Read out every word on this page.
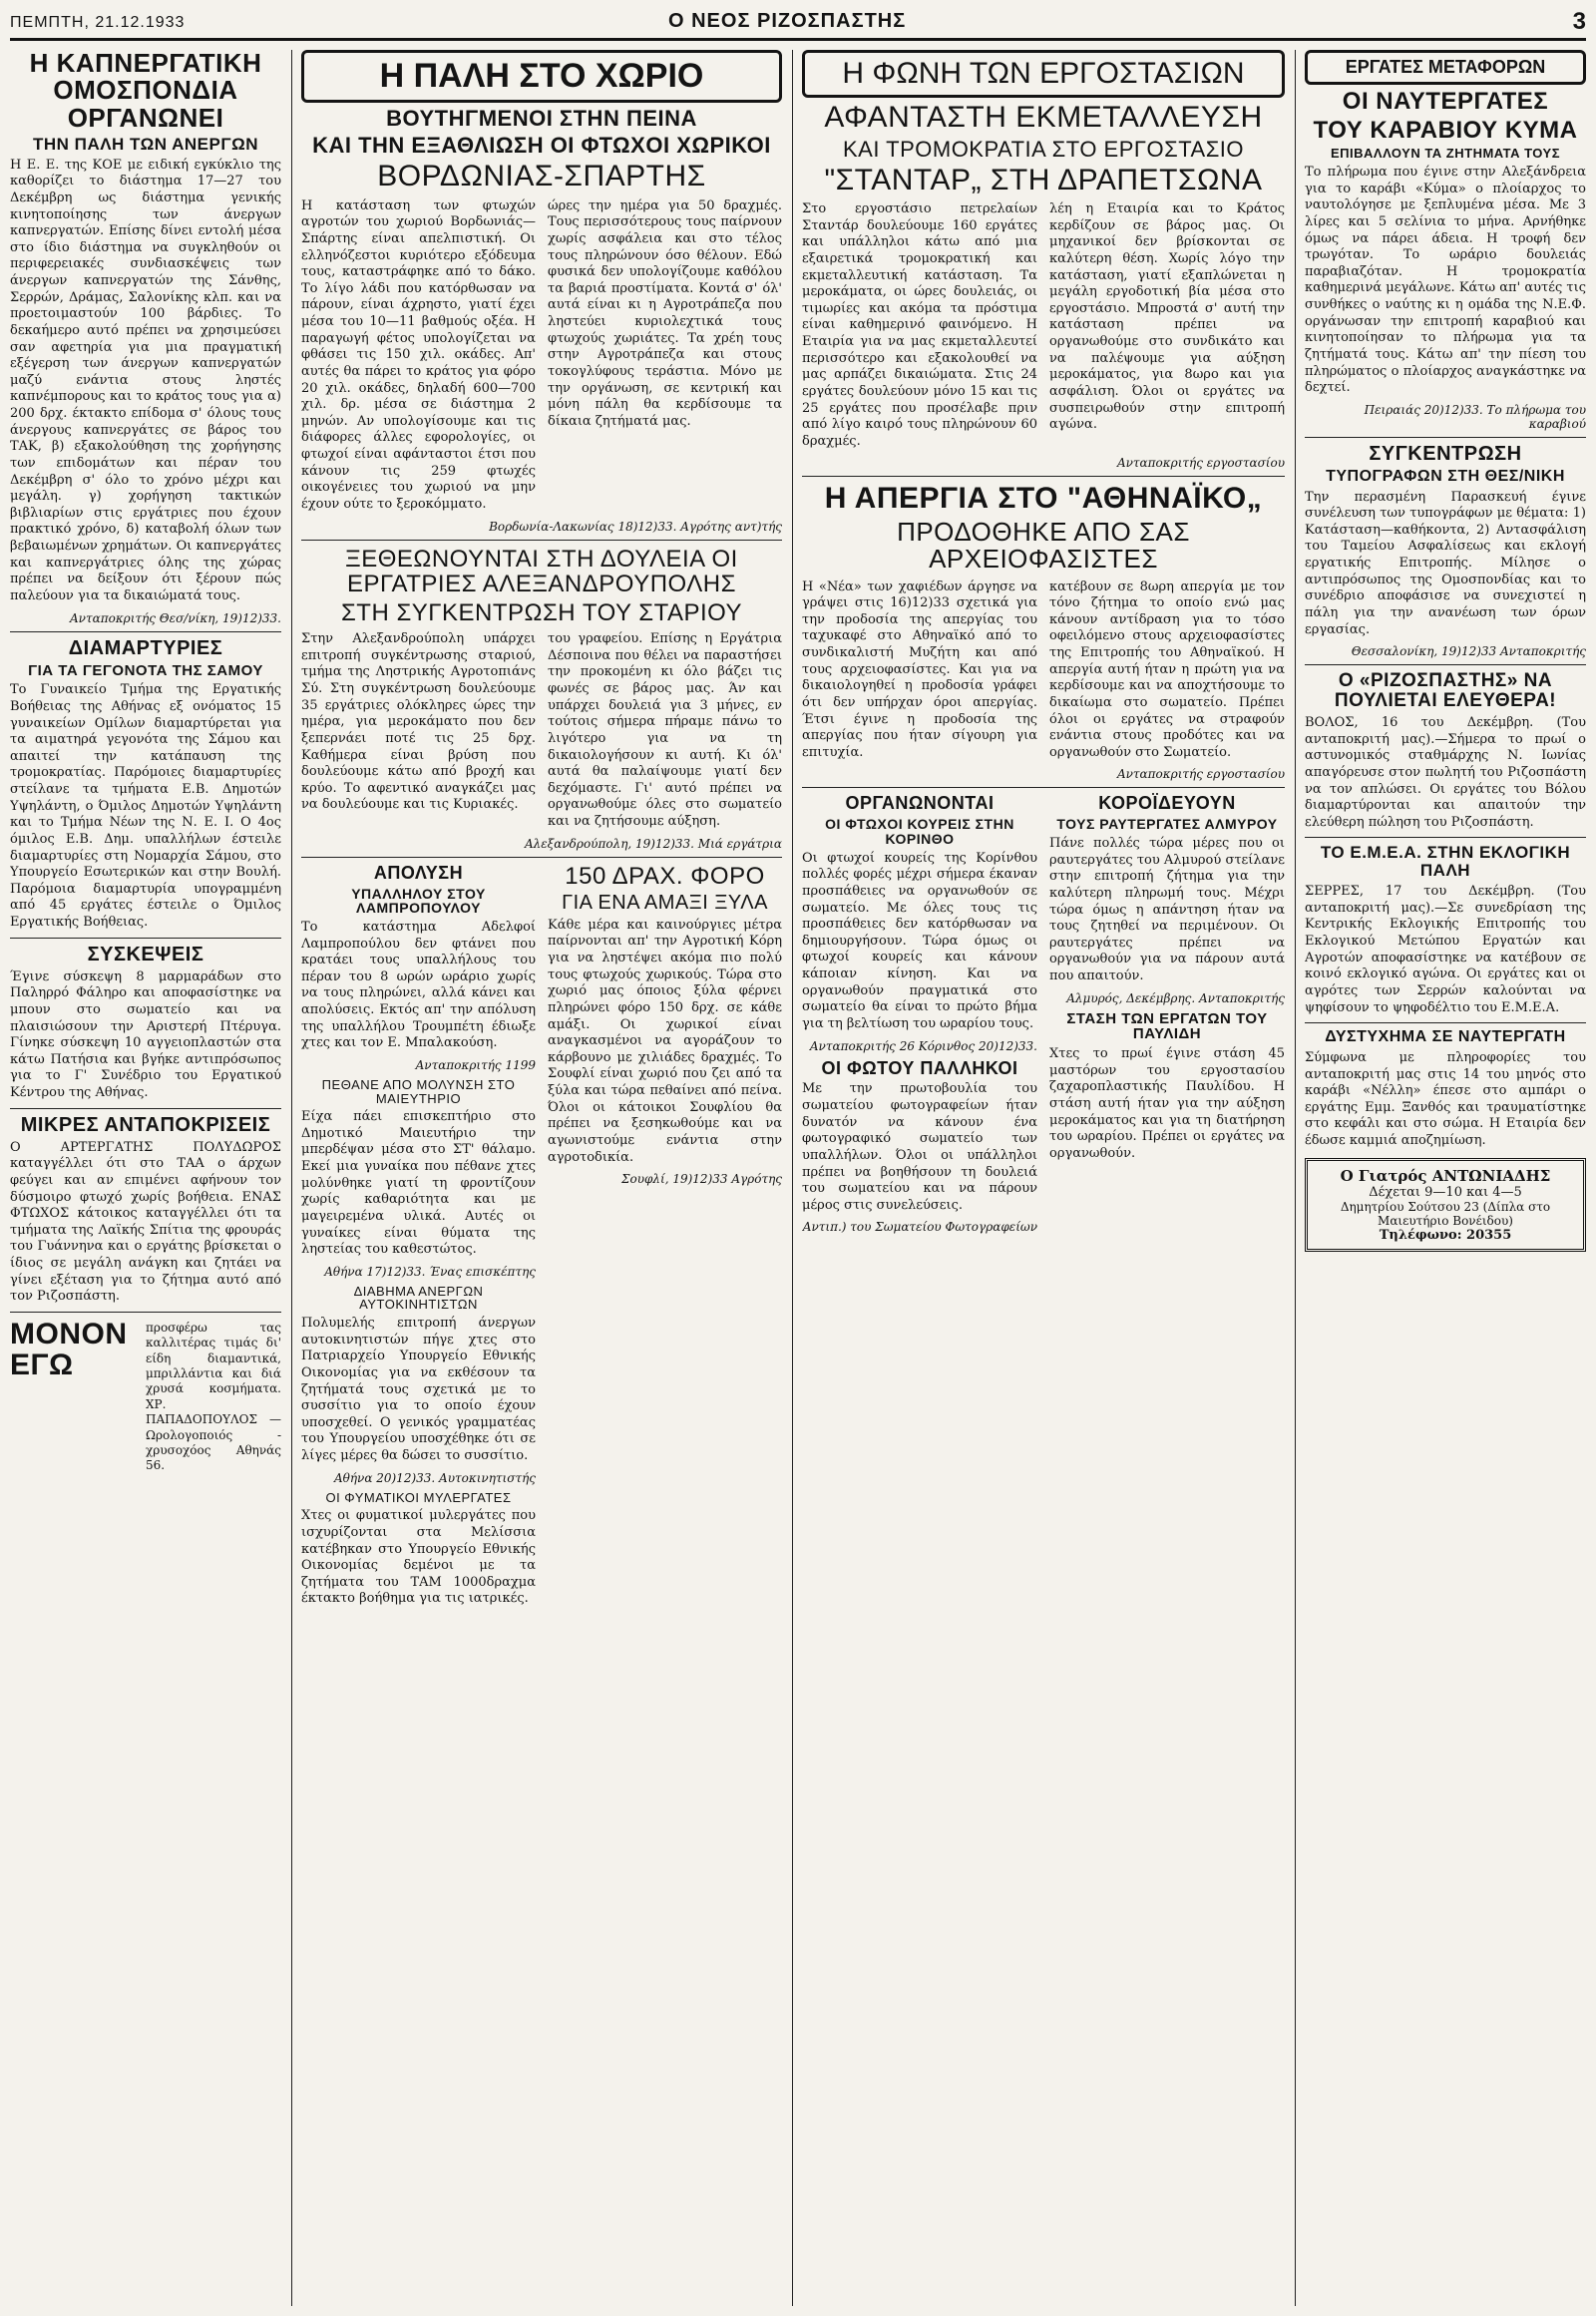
ΠΕΜΠΤΗ, 21.12.1933	Ο ΝΕΟΣ ΡΙΖΟΣΠΑΣΤΗΣ	3
Η ΚΑΠΝΕΡΓΑΤΙΚΗ ΟΜΟΣΠΟΝΔΙΑ ΟΡΓΑΝΩΝΕΙ
ΤΗΝ ΠΑΛΗ ΤΩΝ ΑΝΕΡΓΩΝ

Η Ε. Ε. της ΚΟΕ με ειδική εγκύκλιο της καθορίζει το διάστημα 17—27 του Δεκέμβρη ως διάστημα γενικής κινητοποίησης των άνεργων καπνεργατών. Επίσης δίνει εντολή μέσα στο ίδιο διάστημα να συγκληθούν οι περιφερειακές συνδιασκέψεις των άνεργων καπνεργατών της Σάνθης, Σερρών, Δράμας, Σαλονίκης κλπ. και να προετοιμαστούν 100 βάρδιες. Το δεκαήμερο αυτό πρέπει να χρησιμεύσει σαν αφετηρία για μια πραγματική εξέγερση των άνεργων καπνεργατών μαζύ ενάντια στους ληστές καπνέμπορους και το κράτος τους για α) 200 δρχ. έκτακτο επίδομα σ' όλους τους άνεργους καπνεργάτες σε βάρος του ΤΑΚ, β) εξακολούθηση της χορήγησης των επιδομάτων και πέραν του Δεκέμβρη σ' όλο το χρόνο μέχρι και μεγάλη. γ) χορήγηση τακτικών βιβλιαρίων στις εργάτριες που έχουν πρακτικό χρόνο, δ) καταβολή όλων των βεβαιωμένων χρημάτων. Οι καπνεργάτες και καπνεργάτριες όλης της χώρας πρέπει να δείξουν ότι ξέρουν πώς παλεύουν για τα δικαιώματά τους.

Ανταποκριτής Θεσ/νίκη, 19)12)33.

ΔΙΑΜΑΡΤΥΡΙΕΣ
ΓΙΑ ΤΑ ΓΕΓΟΝΟΤΑ ΤΗΣ ΣΑΜΟΥ

Το Γυναικείο Τμήμα της Εργατικής Βοήθειας της Αθήνας εξ ονόματος 15 γυναικείων Ομίλων διαμαρτύρεται για τα αιματηρά γεγονότα της Σάμου και απαιτεί την κατάπαυση της τρομοκρατίας. Παρόμοιες διαμαρτυρίες στείλανε τα τμήματα Ε.Β. Δημοτών Υψηλάντη, ο Όμιλος Δημοτών Υψηλάντη και το Τμήμα Νέων της Ν. Ε. Ι. Ο 4ος όμιλος Ε.Β. Δημ. υπαλλήλων έστειλε διαμαρτυρίες στη Νομαρχία Σάμου, στο Υπουργείο Εσωτερικών και στην Βουλή. Παρόμοια διαμαρτυρία υπογραμμένη από 45 εργάτες έστειλε ο Όμιλος Εργατικής Βοήθειας.

ΣΥΣΚΕΨΕΙΣ

Έγινε σύσκεψη 8 μαρμαράδων στο Παληρρό Φάληρο και αποφασίστηκε να μπουν στο σωματείο και να πλαισιώσουν την Αριστερή Πτέρυγα. Γίνηκε σύσκεψη 10 αγγειοπλαστών στα κάτω Πατήσια και βγήκε αντιπρόσωπος για το Γ' Συνέδριο του Εργατικού Κέντρου της Αθήνας.

ΜΙΚΡΕΣ ΑΝΤΑΠΟΚΡΙΣΕΙΣ

Ο ΑΡΤΕΡΓΑΤΗΣ ΠΟΛΥΔΩΡΟΣ καταγγέλλει ότι στο ΤΑΑ ο άρχων φεύγει και αν επιμένει αφήνουν τον δύσμοιρο φτωχό χωρίς βοήθεια. ΕΝΑΣ ΦΤΩΧΟΣ κάτοικος καταγγέλλει ότι τα τμήματα της Λαϊκής Σπίτια της φρουράς του Γυάννηνα και ο εργάτης βρίσκεται ο ίδιος σε μεγάλη ανάγκη και ζητάει να γίνει εξέταση για το ζήτημα αυτό από τον Ριζοσπάστη.

ΜΟΝΟΝ ΕΓΩ

προσφέρω τας καλλιτέρας τιμάς δι' είδη διαμαντικά, μπριλλάντια και διά χρυσά κοσμήματα. ΧΡ. ΠΑΠΑΔΟΠΟΥΛΟΣ — Ωρολογοποιός - χρυσοχόος Αθηνάς 56.

Η ΠΑΛΗ ΣΤΟ ΧΩΡΙΟ
ΒΟΥΤΗΓΜΕΝΟΙ ΣΤΗΝ ΠΕΙΝΑ
ΚΑΙ ΤΗΝ ΕΞΑΘΛΙΩΣΗ ΟΙ ΦΤΩΧΟΙ ΧΩΡΙΚΟΙ
ΒΟΡΔΩΝΙΑΣ-ΣΠΑΡΤΗΣ

Η κατάσταση των φτωχών αγροτών του χωριού Βορδωνιάς—Σπάρτης είναι απελπιστική. Οι ελληνόζεστοι κυριότερο εξόδευμα τους, καταστράφηκε από το δάκο. Το λίγο λάδι που κατόρθωσαν να πάρουν, είναι άχρηστο, γιατί έχει μέσα του 10—11 βαθμούς οξέα. Η παραγωγή φέτος υπολογίζεται να φθάσει τις 150 χιλ. οκάδες. Απ' αυτές θα πάρει το κράτος για φόρο 20 χιλ. οκάδες, δηλαδή 600—700 χιλ. δρ. μέσα σε διάστημα 2 μηνών. Αν υπολογίσουμε και τις διάφορες άλλες εφορολογίες, οι φτωχοί είναι αφάνταστοι έτσι που κάνουν τις 259 φτωχές οικογένειες του χωριού να μην έχουν ούτε το ξεροκόμματο.

ώρες την ημέρα για 50 δραχμές. Τους περισσότερους τους παίρνουν χωρίς ασφάλεια και στο τέλος τους πληρώνουν όσο θέλουν. Εδώ φυσικά δεν υπολογίζουμε καθόλου τα βαριά προστίματα. Κοντά σ' όλ' αυτά είναι κι η Αγροτράπεζα που ληστεύει κυριολεχτικά τους φτωχούς χωριάτες. Τα χρέη τους στην Αγροτράπεζα και στους τοκογλύφους τεράστια. Μόνο με την οργάνωση, σε κεντρική και μόνη πάλη θα κερδίσουμε τα δίκαια ζητήματά μας.

Βορδωνία-Λακωνίας 18)12)33. Αγρότης αντ)τής

ΞΕΘΕΩΝΟΥΝΤΑΙ ΣΤΗ ΔΟΥΛΕΙΑ ΟΙ ΕΡΓΑΤΡΙΕΣ ΑΛΕΞΑΝΔΡΟΥΠΟΛΗΣ
ΣΤΗ ΣΥΓΚΕΝΤΡΩΣΗ ΤΟΥ ΣΤΑΡΙΟΥ

Στην Αλεξανδρούπολη υπάρχει επιτροπή συγκέντρωσης σταριού, τμήμα της Ληστρικής Αγροτοπιάνς Σύ. Στη συγκέντρωση δουλεύουμε 35 εργάτριες ολόκληρες ώρες την ημέρα, για μεροκάματο που δεν ξεπερνάει ποτέ τις 25 δρχ. Καθήμερα είναι βρύση που δουλεύουμε κάτω από βροχή και κρύο. Το αφεντικό αναγκάζει μας να δουλεύουμε και τις Κυριακές.

του γραφείου. Επίσης η Εργάτρια Δέσποινα που θέλει να παραστήσει την προκομένη κι όλο βάζει τις φωνές σε βάρος μας. Άν και υπάρχει δουλειά για 3 μήνες, εν τούτοις σήμερα πήραμε πάνω το λιγότερο για να τη δικαιολογήσουν κι αυτή. Κι όλ' αυτά θα παλαίψουμε γιατί δεν δεχόμαστε. Γι' αυτό πρέπει να οργανωθούμε όλες στο σωματείο και να ζητήσουμε αύξηση.

Αλεξανδρούπολη, 19)12)33. Μιά εργάτρια

ΑΠΟΛΥΣΗ
ΥΠΑΛΛΗΛΟΥ ΣΤΟΥ ΛΑΜΠΡΟΠΟΥΛΟΥ

Το κατάστημα Αδελφοί Λαμπροπούλου δεν φτάνει που κρατάει τους υπαλλήλους του πέραν του 8 ωρών ωράριο χωρίς να τους πληρώνει, αλλά κάνει και απολύσεις. Εκτός απ' την απόλυση της υπαλλήλου Τρουμπέτη έδιωξε χτες και τον Ε. Μπαλακούση.

Ανταποκριτής 1199

ΠΕΘΑΝΕ ΑΠΟ ΜΟΛΥΝΣΗ ΣΤΟ ΜΑΙΕΥΤΗΡΙΟ

Είχα πάει επισκεπτήριο στο Δημοτικό Μαιευτήριο την μπερδέψαν μέσα στο ΣΤ' θάλαμο. Εκεί μια γυναίκα που πέθανε χτες μολύνθηκε γιατί τη φροντίζουν χωρίς καθαριότητα και με μαγειρεμένα υλικά. Αυτές οι γυναίκες είναι θύματα της ληστείας του καθεστώτος.

Αθήνα 17)12)33. Ένας επισκέπτης

ΔΙΑΒΗΜΑ ΑΝΕΡΓΩΝ ΑΥΤΟΚΙΝΗΤΙΣΤΩΝ

Πολυμελής επιτροπή άνεργων αυτοκινητιστών πήγε χτες στο Πατριαρχείο Υπουργείο Εθνικής Οικονομίας για να εκθέσουν τα ζητήματά τους σχετικά με το συσσίτιο για το οποίο έχουν υποσχεθεί. Ο γενικός γραμματέας του Υπουργείου υποσχέθηκε ότι σε λίγες μέρες θα δώσει το συσσίτιο.

Αθήνα 20)12)33. Αυτοκινητιστής

ΟΙ ΦΥΜΑΤΙΚΟΙ ΜΥΛΕΡΓΑΤΕΣ

Χτες οι φυματικοί μυλεργάτες που ισχυρίζονται στα Μελίσσια κατέβηκαν στο Υπουργείο Εθνικής Οικονομίας δεμένοι με τα ζητήματα του ΤΑΜ 1000δραχμα έκτακτο βοήθημα για τις ιατρικές.

150 ΔΡΑΧ. ΦΟΡΟ
ΓΙΑ ΕΝΑ ΑΜΑΞΙ ΞΥΛΑ

Κάθε μέρα και καινούργιες μέτρα παίρνονται απ' την Αγροτική Κόρη για να ληστέψει ακόμα πιο πολύ τους φτωχούς χωρικούς. Τώρα στο χωριό μας όποιος ξύλα φέρνει πληρώνει φόρο 150 δρχ. σε κάθε αμάξι. Οι χωρικοί είναι αναγκασμένοι να αγοράζουν το κάρβουνο με χιλιάδες δραχμές. Το Σουφλί είναι χωριό που ζει από τα ξύλα και τώρα πεθαίνει από πείνα. Όλοι οι κάτοικοι Σουφλίου θα πρέπει να ξεσηκωθούμε και να αγωνιστούμε ενάντια στην αγροτοδικία.

Σουφλί, 19)12)33 Αγρότης

Η ΦΩΝΗ ΤΩΝ ΕΡΓΟΣΤΑΣΙΩΝ
ΑΦΑΝΤΑΣΤΗ ΕΚΜΕΤΑΛΛΕΥΣΗ
ΚΑΙ ΤΡΟΜΟΚΡΑΤΙΑ ΣΤΟ ΕΡΓΟΣΤΑΣΙΟ
"ΣΤΑΝΤΑΡ„ ΣΤΗ ΔΡΑΠΕΤΣΩΝΑ

Στο εργοστάσιο πετρελαίων Σταντάρ δουλεύουμε 160 εργάτες και υπάλληλοι κάτω από μια εξαιρετικά τρομοκρατική και εκμεταλλευτική κατάσταση. Τα μεροκάματα, οι ώρες δουλειάς, οι τιμωρίες και ακόμα τα πρόστιμα είναι καθημερινό φαινόμενο. Η Εταιρία για να μας εκμεταλλευτεί περισσότερο και εξακολουθεί να μας αρπάζει δικαιώματα. Στις 24 εργάτες δουλεύουν μόνο 15 και τις 25 εργάτες που προσέλαβε πριν από λίγο καιρό τους πληρώνουν 60 δραχμές.

λέη η Εταιρία και το Κράτος κερδίζουν σε βάρος μας. Οι μηχανικοί δεν βρίσκονται σε καλύτερη θέση. Χωρίς λόγο την κατάσταση, γιατί εξαπλώνεται η μεγάλη εργοδοτική βία μέσα στο εργοστάσιο. Μπροστά σ' αυτή την κατάσταση πρέπει να οργανωθούμε στο συνδικάτο και να παλέψουμε για αύξηση μεροκάματος, για 8ωρο και για ασφάλιση. Όλοι οι εργάτες να συσπειρωθούν στην επιτροπή αγώνα.

Ανταποκριτής εργοστασίου

Η ΑΠΕΡΓΙΑ ΣΤΟ "ΑΘΗΝΑΪΚΟ„
ΠΡΟΔΟΘΗΚΕ ΑΠΟ ΣΑΣ ΑΡΧΕΙΟΦΑΣΙΣΤΕΣ

Η «Νέα» των χαφιέδων άργησε να γράψει στις 16)12)33 σχετικά για την προδοσία της απεργίας του ταχυκαφέ στο Αθηναϊκό από το συνδικαλιστή Μυζήτη και από τους αρχειοφασίστες. Και για να δικαιολογηθεί η προδοσία γράφει ότι δεν υπήρχαν όροι απεργίας. Έτσι έγινε η προδοσία της απεργίας που ήταν σίγουρη για επιτυχία.

κατέβουν σε 8ωρη απεργία με τον τόνο ζήτημα το οποίο ενώ μας κάνουν αντίδραση για το τόσο οφειλόμενο στους αρχειοφασίστες της Επιτροπής του Αθηναϊκού. Η απεργία αυτή ήταν η πρώτη για να κερδίσουμε και να αποχτήσουμε το δικαίωμα στο σωματείο. Πρέπει όλοι οι εργάτες να στραφούν ενάντια στους προδότες και να οργανωθούν στο Σωματείο.

Ανταποκριτής εργοστασίου

ΟΡΓΑΝΩΝΟΝΤΑΙ
ΟΙ ΦΤΩΧΟΙ ΚΟΥΡΕΙΣ ΣΤΗΝ ΚΟΡΙΝΘΟ

Οι φτωχοί κουρείς της Κορίνθου πολλές φορές μέχρι σήμερα έκαναν προσπάθειες να οργανωθούν σε σωματείο. Με όλες τους τις προσπάθειες δεν κατόρθωσαν να δημιουργήσουν. Τώρα όμως οι φτωχοί κουρείς και κάνουν κάποιαν κίνηση. Και να οργανωθούν πραγματικά στο σωματείο θα είναι το πρώτο βήμα για τη βελτίωση του ωραρίου τους.

Ανταποκριτής 26 Κόρινθος 20)12)33.

ΟΙ ΦΩΤΟΥ ΠΑΛΛΗΚΟΙ

Με την πρωτοβουλία του σωματείου φωτογραφείων ήταν δυνατόν να κάνουν ένα φωτογραφικό σωματείο των υπαλλήλων. Όλοι οι υπάλληλοι πρέπει να βοηθήσουν τη δουλειά του σωματείου και να πάρουν μέρος στις συνελεύσεις.

Αντιπ.) του Σωματείου Φωτογραφείων

ΚΟΡΟΪΔΕΥΟΥΝ
ΤΟΥΣ ΡΑΥΤΕΡΓΑΤΕΣ ΑΛΜΥΡΟΥ

Πάνε πολλές τώρα μέρες που οι ραυτεργάτες του Αλμυρού στείλανε στην επιτροπή ζήτημα για την καλύτερη πληρωμή τους. Μέχρι τώρα όμως η απάντηση ήταν να τους ζητηθεί να περιμένουν. Οι ραυτεργάτες πρέπει να οργανωθούν για να πάρουν αυτά που απαιτούν.

Αλμυρός, Δεκέμβρης. Ανταποκριτής

ΣΤΑΣΗ ΤΩΝ ΕΡΓΑΤΩΝ ΤΟΥ ΠΑΥΛΙΔΗ

Χτες το πρωί έγινε στάση 45 μαστόρων του εργοστασίου ζαχαροπλαστικής Παυλίδου. Η στάση αυτή ήταν για την αύξηση μεροκάματος και για τη διατήρηση του ωραρίου. Πρέπει οι εργάτες να οργανωθούν.

ΕΡΓΑΤΕΣ ΜΕΤΑΦΟΡΩΝ
ΟΙ ΝΑΥΤΕΡΓΑΤΕΣ
ΤΟΥ ΚΑΡΑΒΙΟΥ ΚΥΜΑ
ΕΠΙΒΑΛΛΟΥΝ ΤΑ ΖΗΤΗΜΑΤΑ ΤΟΥΣ

Το πλήρωμα που έγινε στην Αλεξάνδρεια για το καράβι «Κύμα» ο πλοίαρχος το ναυτολόγησε με ξεπλυμένα μέσα. Με 3 λίρες και 5 σελίνια το μήνα. Αρνήθηκε όμως να πάρει άδεια. Η τροφή δεν τρωγόταν. Το ωράριο δουλειάς παραβιαζόταν. Η τρομοκρατία καθημερινά μεγάλωνε. Κάτω απ' αυτές τις συνθήκες ο ναύτης κι η ομάδα της Ν.Ε.Φ. οργάνωσαν την επιτροπή καραβιού και κινητοποίησαν το πλήρωμα για τα ζητήματά τους. Κάτω απ' την πίεση του πληρώματος ο πλοίαρχος αναγκάστηκε να δεχτεί.

Πειραιάς 20)12)33. Το πλήρωμα του καραβιού

ΣΥΓΚΕΝΤΡΩΣΗ
ΤΥΠΟΓΡΑΦΩΝ ΣΤΗ ΘΕΣ/ΝΙΚΗ

Την περασμένη Παρασκευή έγινε συνέλευση των τυπογράφων με θέματα: 1) Κατάσταση—καθήκοντα, 2) Αντασφάλιση του Ταμείου Ασφαλίσεως και εκλογή εργατικής Επιτροπής. Μίλησε ο αντιπρόσωπος της Ομοσπονδίας και το συνέδριο αποφάσισε να συνεχιστεί η πάλη για την ανανέωση των όρων εργασίας.

Θεσσαλονίκη, 19)12)33 Ανταποκριτής

Ο «ΡΙΖΟΣΠΑΣΤΗΣ» ΝΑ ΠΟΥΛΙΕΤΑΙ ΕΛΕΥΘΕΡΑ!

ΒΟΛΟΣ, 16 του Δεκέμβρη. (Του ανταποκριτή μας).—Σήμερα το πρωί ο αστυνομικός σταθμάρχης Ν. Ιωνίας απαγόρευσε στον πωλητή του Ριζοσπάστη να τον απλώσει. Οι εργάτες του Βόλου διαμαρτύρονται και απαιτούν την ελεύθερη πώληση του Ριζοσπάστη.

ΤΟ Ε.Μ.Ε.Α. ΣΤΗΝ ΕΚΛΟΓΙΚΗ ΠΑΛΗ

ΣΕΡΡΕΣ, 17 του Δεκέμβρη. (Του ανταποκριτή μας).—Σε συνεδρίαση της Κεντρικής Εκλογικής Επιτροπής του Εκλογικού Μετώπου Εργατών και Αγροτών αποφασίστηκε να κατέβουν σε κοινό εκλογικό αγώνα. Οι εργάτες και οι αγρότες των Σερρών καλούνται να ψηφίσουν το ψηφοδέλτιο του Ε.Μ.Ε.Α.

ΔΥΣΤΥΧΗΜΑ ΣΕ ΝΑΥΤΕΡΓΑΤΗ

Σύμφωνα με πληροφορίες του ανταποκριτή μας στις 14 του μηνός στο καράβι «Νέλλη» έπεσε στο αμπάρι ο εργάτης Εμμ. Ξανθός και τραυματίστηκε στο κεφάλι και στο σώμα. Η Εταιρία δεν έδωσε καμμιά αποζημίωση.

Ο Γιατρός ΑΝΤΩΝΙΑΔΗΣ
Δέχεται 9—10 και 4—5
Δημητρίου Σούτσου 23 (Δίπλα στο Μαιευτήριο Βονέιδου)
Τηλέφωνο: 20355
